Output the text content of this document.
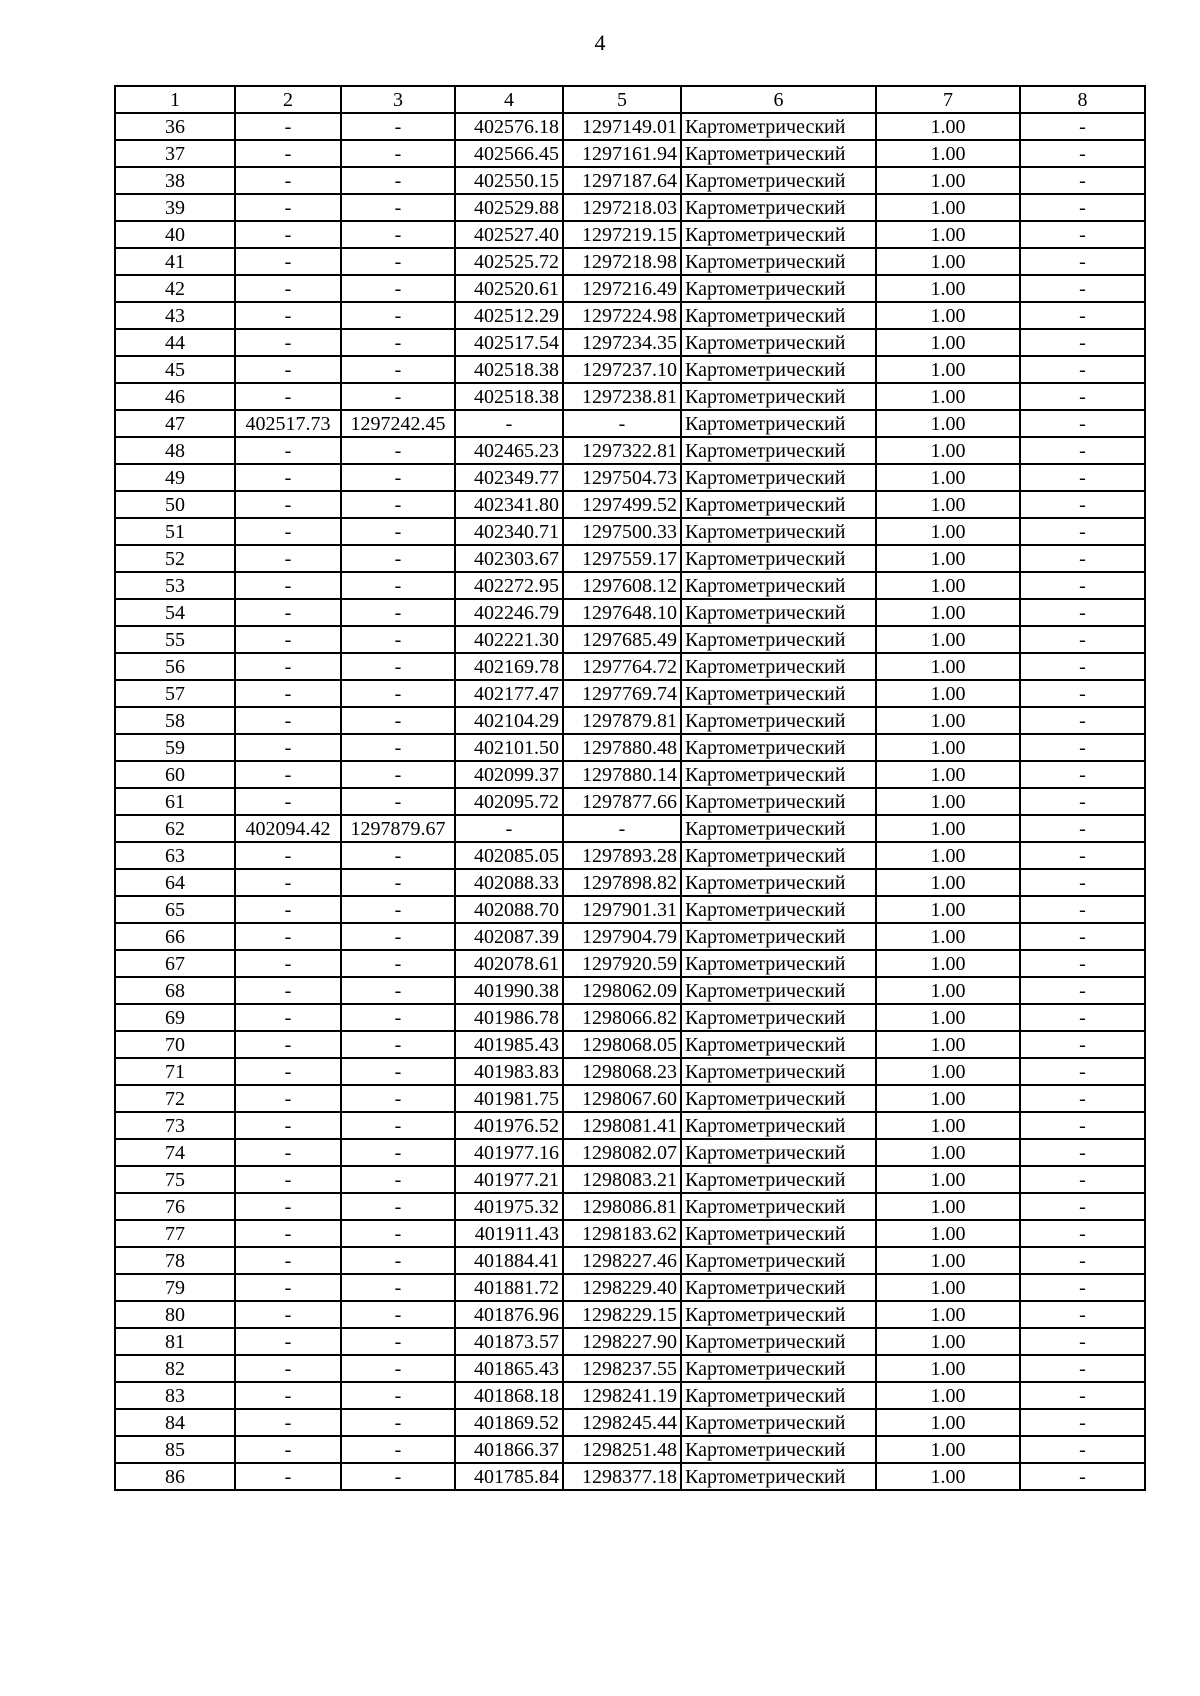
4
1	2	3	4	5	6	7	8
36	-	-	402576.18	1297149.01	Картометрический	1.00	-
37	-	-	402566.45	1297161.94	Картометрический	1.00	-
38	-	-	402550.15	1297187.64	Картометрический	1.00	-
39	-	-	402529.88	1297218.03	Картометрический	1.00	-
40	-	-	402527.40	1297219.15	Картометрический	1.00	-
41	-	-	402525.72	1297218.98	Картометрический	1.00	-
42	-	-	402520.61	1297216.49	Картометрический	1.00	-
43	-	-	402512.29	1297224.98	Картометрический	1.00	-
44	-	-	402517.54	1297234.35	Картометрический	1.00	-
45	-	-	402518.38	1297237.10	Картометрический	1.00	-
46	-	-	402518.38	1297238.81	Картометрический	1.00	-
47	402517.73	1297242.45	-	-	Картометрический	1.00	-
48	-	-	402465.23	1297322.81	Картометрический	1.00	-
49	-	-	402349.77	1297504.73	Картометрический	1.00	-
50	-	-	402341.80	1297499.52	Картометрический	1.00	-
51	-	-	402340.71	1297500.33	Картометрический	1.00	-
52	-	-	402303.67	1297559.17	Картометрический	1.00	-
53	-	-	402272.95	1297608.12	Картометрический	1.00	-
54	-	-	402246.79	1297648.10	Картометрический	1.00	-
55	-	-	402221.30	1297685.49	Картометрический	1.00	-
56	-	-	402169.78	1297764.72	Картометрический	1.00	-
57	-	-	402177.47	1297769.74	Картометрический	1.00	-
58	-	-	402104.29	1297879.81	Картометрический	1.00	-
59	-	-	402101.50	1297880.48	Картометрический	1.00	-
60	-	-	402099.37	1297880.14	Картометрический	1.00	-
61	-	-	402095.72	1297877.66	Картометрический	1.00	-
62	402094.42	1297879.67	-	-	Картометрический	1.00	-
63	-	-	402085.05	1297893.28	Картометрический	1.00	-
64	-	-	402088.33	1297898.82	Картометрический	1.00	-
65	-	-	402088.70	1297901.31	Картометрический	1.00	-
66	-	-	402087.39	1297904.79	Картометрический	1.00	-
67	-	-	402078.61	1297920.59	Картометрический	1.00	-
68	-	-	401990.38	1298062.09	Картометрический	1.00	-
69	-	-	401986.78	1298066.82	Картометрический	1.00	-
70	-	-	401985.43	1298068.05	Картометрический	1.00	-
71	-	-	401983.83	1298068.23	Картометрический	1.00	-
72	-	-	401981.75	1298067.60	Картометрический	1.00	-
73	-	-	401976.52	1298081.41	Картометрический	1.00	-
74	-	-	401977.16	1298082.07	Картометрический	1.00	-
75	-	-	401977.21	1298083.21	Картометрический	1.00	-
76	-	-	401975.32	1298086.81	Картометрический	1.00	-
77	-	-	401911.43	1298183.62	Картометрический	1.00	-
78	-	-	401884.41	1298227.46	Картометрический	1.00	-
79	-	-	401881.72	1298229.40	Картометрический	1.00	-
80	-	-	401876.96	1298229.15	Картометрический	1.00	-
81	-	-	401873.57	1298227.90	Картометрический	1.00	-
82	-	-	401865.43	1298237.55	Картометрический	1.00	-
83	-	-	401868.18	1298241.19	Картометрический	1.00	-
84	-	-	401869.52	1298245.44	Картометрический	1.00	-
85	-	-	401866.37	1298251.48	Картометрический	1.00	-
86	-	-	401785.84	1298377.18	Картометрический	1.00	-
